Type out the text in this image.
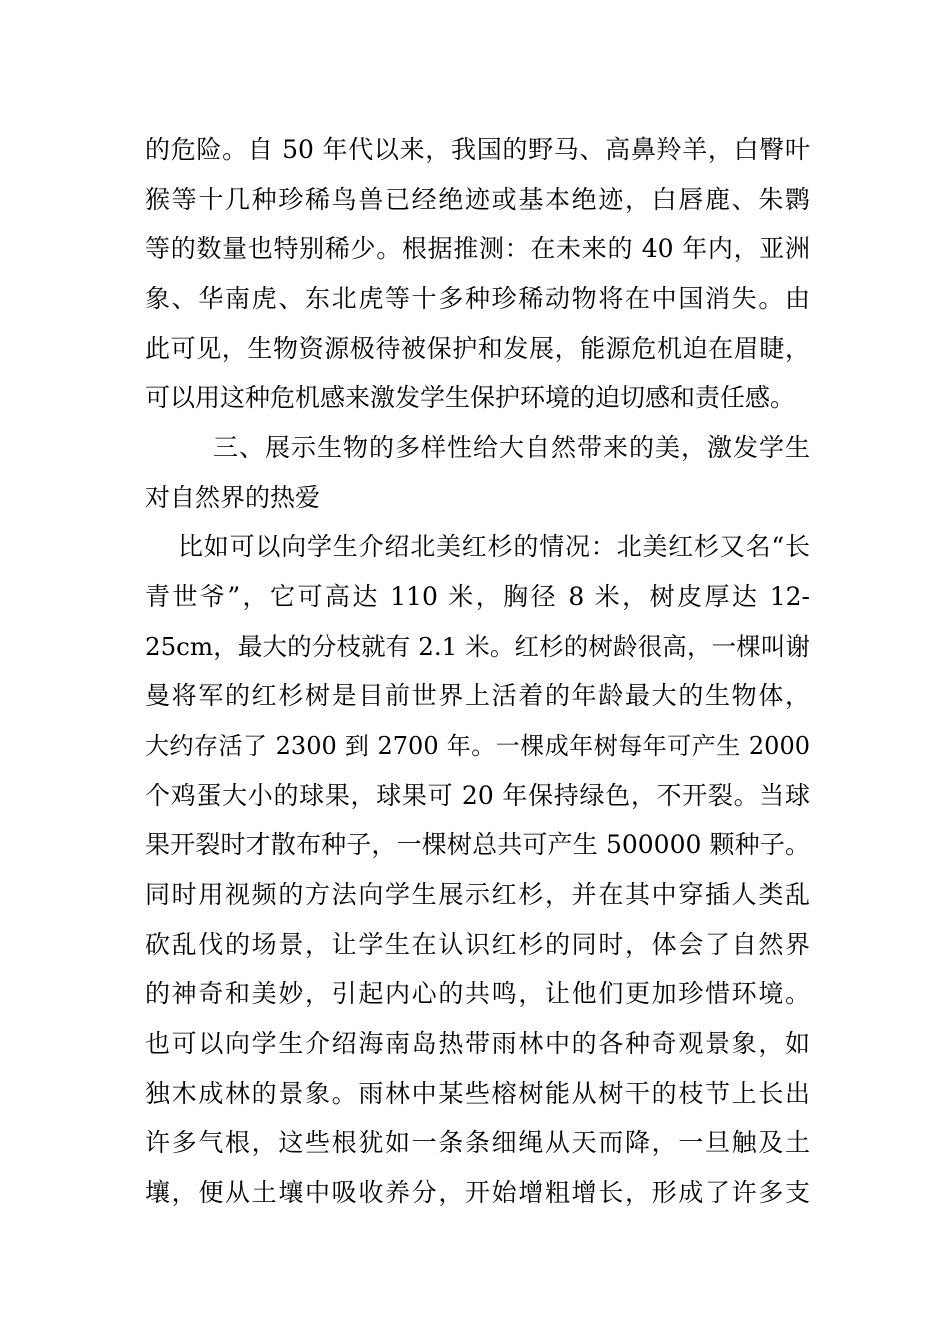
的危险。自 50 年代以来，我国的野马、高鼻羚羊，白臀叶
猴等十几种珍稀鸟兽已经绝迹或基本绝迹，白唇鹿、朱鹮
等的数量也特别稀少。根据推测：在未来的 40 年内，亚洲
象、华南虎、东北虎等十多种珍稀动物将在中国消失。由
此可见，生物资源极待被保护和发展，能源危机迫在眉睫，
可以用这种危机感来激发学生保护环境的迫切感和责任感。
三、展示生物的多样性给大自然带来的美，激发学生
对自然界的热爱
比如可以向学生介绍北美红杉的情况：北美红杉又名“长
青世爷”，它可高达 110 米，胸径 8 米，树皮厚达 12-
25cm，最大的分枝就有 2.1 米。红杉的树龄很高，一棵叫谢
曼将军的红杉树是目前世界上活着的年龄最大的生物体，
大约存活了 2300 到 2700 年。一棵成年树每年可产生 2000
个鸡蛋大小的球果，球果可 20 年保持绿色，不开裂。当球
果开裂时才散布种子，一棵树总共可产生 500000 颗种子。
同时用视频的方法向学生展示红杉，并在其中穿插人类乱
砍乱伐的场景，让学生在认识红杉的同时，体会了自然界
的神奇和美妙，引起内心的共鸣，让他们更加珍惜环境。
也可以向学生介绍海南岛热带雨林中的各种奇观景象，如
独木成林的景象。雨林中某些榕树能从树干的枝节上长出
许多气根，这些根犹如一条条细绳从天而降，一旦触及土
壤，便从土壤中吸收养分，开始增粗增长，形成了许多支
